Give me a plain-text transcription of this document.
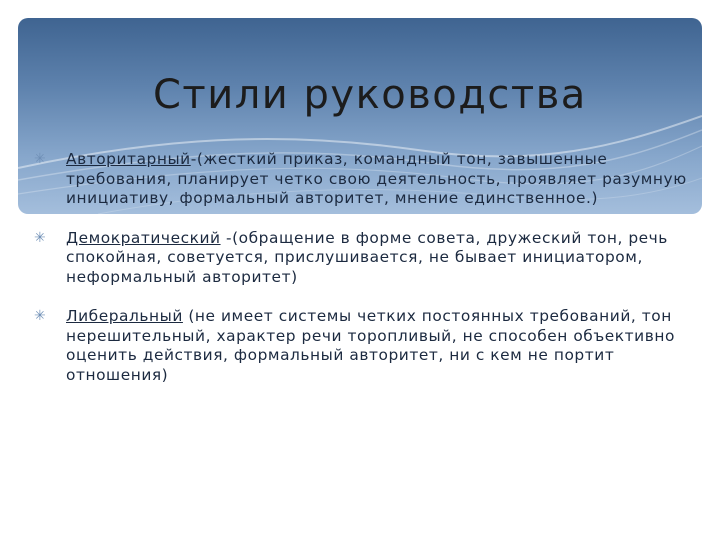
Стили руководства
✳ Авторитарный-(жесткий приказ, командный тон, завышенные требования, планирует четко свою деятельность, проявляет разумную инициативу, формальный авторитет, мнение единственное.)
✳ Демократический -(обращение в форме совета, дружеский тон, речь спокойная, советуется, прислушивается, не бывает инициатором, неформальный авторитет)
✳ Либеральный (не имеет системы четких постоянных требований, тон нерешительный, характер речи торопливый, не способен объективно оценить действия, формальный авторитет, ни с кем не портит отношения)
